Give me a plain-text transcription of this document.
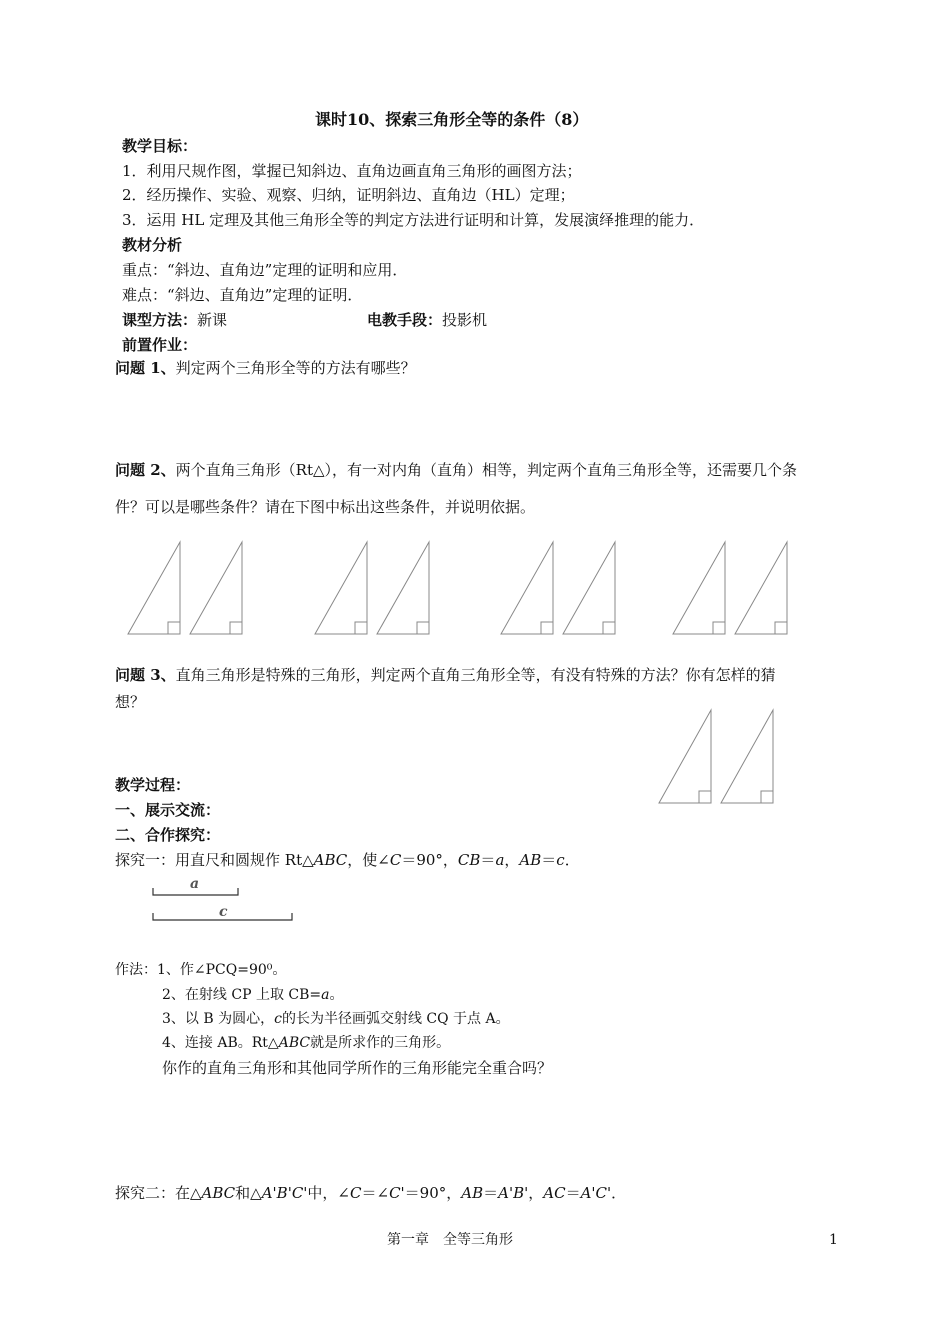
课时10、探索三角形全等的条件（8）
教学目标：
1．利用尺规作图，掌握已知斜边、直角边画直角三角形的画图方法；
2．经历操作、实验、观察、归纳，证明斜边、直角边（HL）定理；
3．运用 HL 定理及其他三角形全等的判定方法进行证明和计算，发展演绎推理的能力．
教材分析
重点：“斜边、直角边”定理的证明和应用．
难点：“斜边、直角边”定理的证明．
课型方法：新课	电教手段：投影机
前置作业：
问题 1、判定两个三角形全等的方法有哪些？
问题 2、两个直角三角形（Rt△），有一对内角（直角）相等，判定两个直角三角形全等，还需要几个条
件？可以是哪些条件？请在下图中标出这些条件，并说明依据。
问题 3、直角三角形是特殊的三角形，判定两个直角三角形全等，有没有特殊的方法？你有怎样的猜
想？
教学过程：
一、展示交流：
二、合作探究：
探究一：用直尺和圆规作 Rt△ABC，使∠C＝90°，CB＝a，AB＝c．
a
c
作法：1、作∠PCQ=90⁰。
2、在射线 CP 上取 CB=a。
3、以 B 为圆心，c的长为半径画弧交射线 CQ 于点 A。
4、连接 AB。Rt△ABC就是所求作的三角形。
你作的直角三角形和其他同学所作的三角形能完全重合吗？
探究二：在△ABC和△A'B'C'中，∠C＝∠C'＝90°，AB＝A'B'，AC＝A'C'．
第一章　全等三角形	1
